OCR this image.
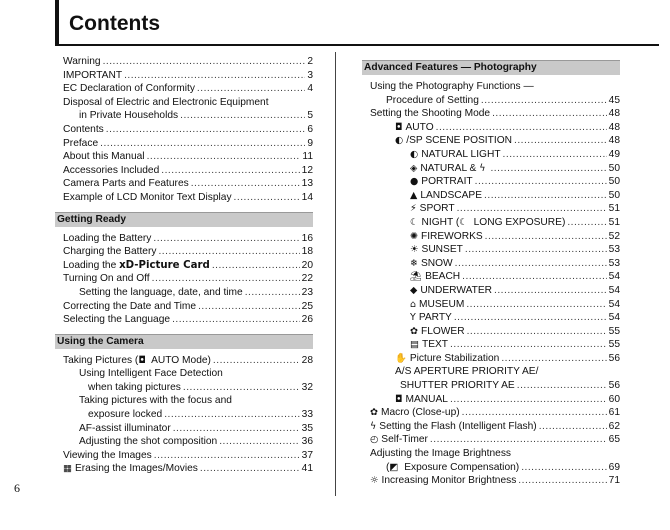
Contents
Warning .....	2
IMPORTANT .....	3
EC Declaration of Conformity .....	4
Disposal of Electric and Electronic Equipment
in Private Households .....	5
Contents .....	6
Preface .....	9
About this Manual .....	11
Accessories Included .....	12
Camera Parts and Features .....	13
Example of LCD Monitor Text Display .....	14
Getting Ready
Loading the Battery .....	16
Charging the Battery .....	18
Loading the xD-Picture Card .....	20
Turning On and Off .....	22
Setting the language, date, and time .....	23
Correcting the Date and Time .....	25
Selecting the Language .....	26
Using the Camera
Taking Pictures (◘ AUTO Mode) .....	28
Using Intelligent Face Detection
when taking pictures .....	32
Taking pictures with the focus and
exposure locked .....	33
AF-assist illuminator .....	35
Adjusting the shot composition .....	36
Viewing the Images .....	37
▦ Erasing the Images/Movies .....	41
Advanced Features — Photography
Using the Photography Functions —
Procedure of Setting .....	45
Setting the Shooting Mode .....	48
◘ AUTO .....	48
◐ /SP SCENE POSITION .....	48
◐ NATURAL LIGHT .....	49
◈ NATURAL & ϟ .....	50
● PORTRAIT .....	50
▲ LANDSCAPE .....	50
⚡ SPORT .....	51
☾ NIGHT (☾ LONG EXPOSURE) .....	51
✺ FIREWORKS .....	52
☀ SUNSET .....	53
❄ SNOW .....	53
⛱ BEACH .....	54
◆ UNDERWATER .....	54
⌂ MUSEUM .....	54
Y PARTY .....	54
✿ FLOWER .....	55
▤ TEXT .....	55
✋ Picture Stabilization .....	56
A/S APERTURE PRIORITY AE/
SHUTTER PRIORITY AE .....	56
◘ MANUAL .....	60
✿ Macro (Close-up) .....	61
ϟ Setting the Flash (Intelligent Flash) .....	62
◴ Self-Timer .....	65
Adjusting the Image Brightness
(◩ Exposure Compensation) .....	69
☼ Increasing Monitor Brightness .....	71
6
